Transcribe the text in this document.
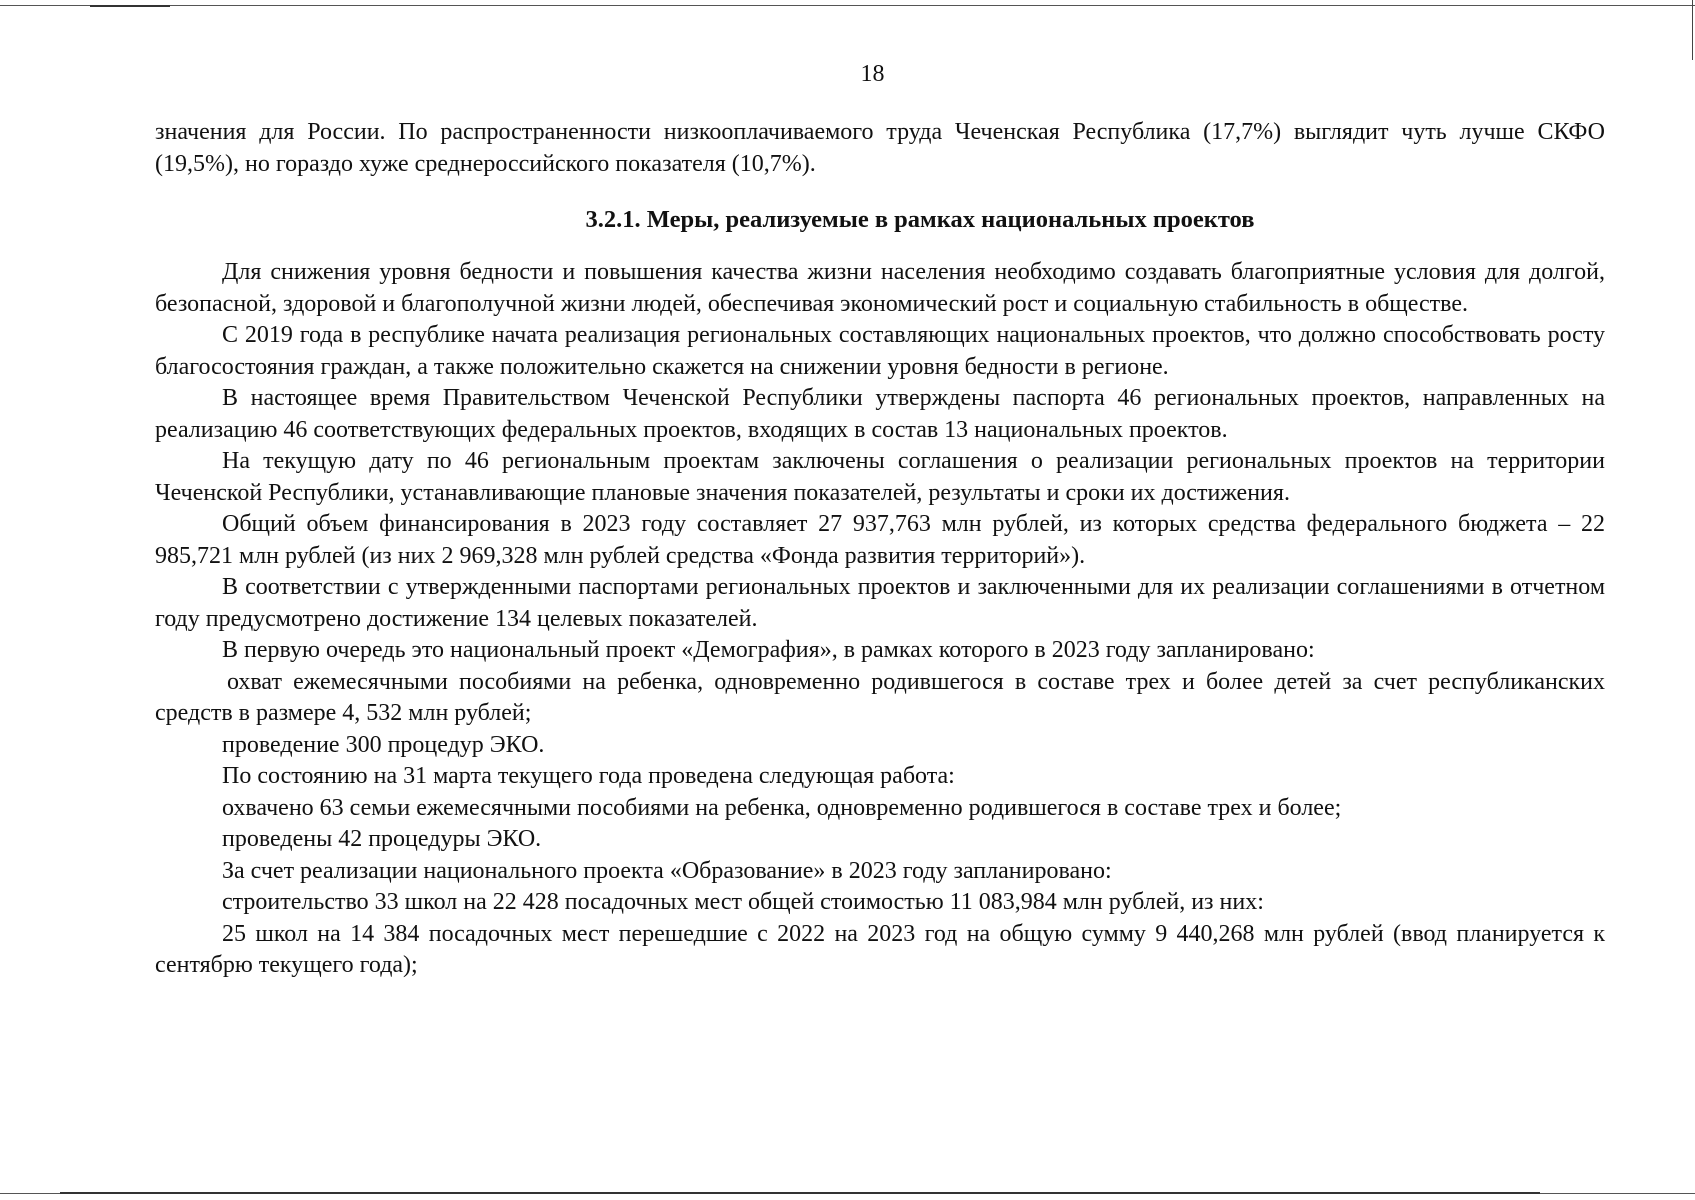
18

значения для России. По распространенности низкооплачиваемого труда Чеченская Республика (17,7%) выглядит чуть лучше СКФО (19,5%), но гораздо хуже среднероссийского показателя (10,7%).

3.2.1. Меры, реализуемые в рамках национальных проектов

Для снижения уровня бедности и повышения качества жизни населения необходимо создавать благоприятные условия для долгой, безопасной, здоровой и благополучной жизни людей, обеспечивая экономический рост и социальную стабильность в обществе.

С 2019 года в республике начата реализация региональных составляющих национальных проектов, что должно способствовать росту благосостояния граждан, а также положительно скажется на снижении уровня бедности в регионе.

В настоящее время Правительством Чеченской Республики утверждены паспорта 46 региональных проектов, направленных на реализацию 46 соответствующих федеральных проектов, входящих в состав 13 национальных проектов.

На текущую дату по 46 региональным проектам заключены соглашения о реализации региональных проектов на территории Чеченской Республики, устанавливающие плановые значения показателей, результаты и сроки их достижения.

Общий объем финансирования в 2023 году составляет 27 937,763 млн рублей, из которых средства федерального бюджета – 22 985,721 млн рублей (из них 2 969,328 млн рублей средства «Фонда развития территорий»).

В соответствии с утвержденными паспортами региональных проектов и заключенными для их реализации соглашениями в отчетном году предусмотрено достижение 134 целевых показателей.

В первую очередь это национальный проект «Демография», в рамках которого в 2023 году запланировано:

охват ежемесячными пособиями на ребенка, одновременно родившегося в составе трех и более детей за счет республиканских средств в размере 4, 532 млн рублей;

проведение 300 процедур ЭКО.

По состоянию на 31 марта текущего года проведена следующая работа:

охвачено 63 семьи ежемесячными пособиями на ребенка, одновременно родившегося в составе трех и более;

проведены 42 процедуры ЭКО.

За счет реализации национального проекта «Образование» в 2023 году запланировано:

строительство 33 школ на 22 428 посадочных мест общей стоимостью 11 083,984 млн рублей, из них:

25 школ на 14 384 посадочных мест перешедшие с 2022 на 2023 год на общую сумму 9 440,268 млн рублей (ввод планируется к сентябрю текущего года);
